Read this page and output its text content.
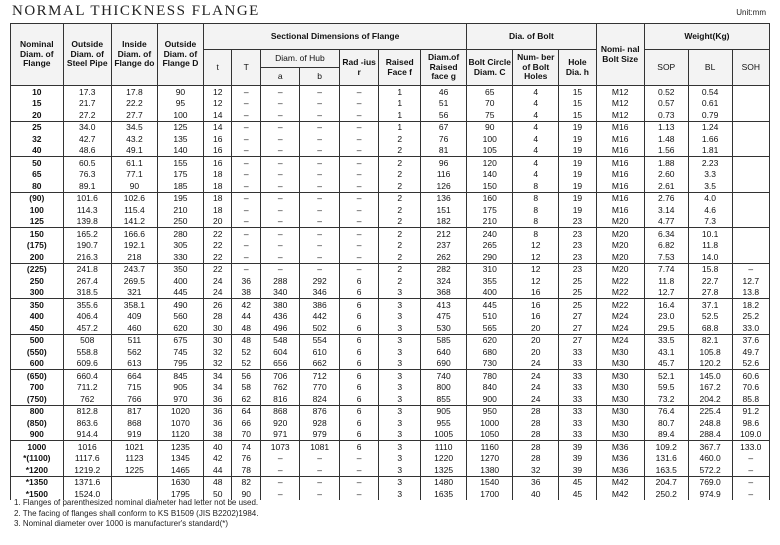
NORMAL THICKNESS FLANGE	Unit:mm
Nominal Diam. of Flange	Outside Diam. of Steel Pipe	Inside Diam. of Flange do	Outside Diam. of Flange D	Sectional Dimensions of Flange							Dia. of Bolt			Nomi- nal Bolt Size	Weight(Kg)		
				t	T	Diam. of Hub		Rad -ius r	Raised Face f	Diam.of Raised face g	Bolt Circle Diam. C	Num- ber of Bolt Holes	Hole Dia. h		SOP	BL	SOH
						a	b										
10	17.3	17.8	90	12	–	–	–	–	1	46	65	4	15	M12	0.52	0.54	
15	21.7	22.2	95	12	–	–	–	–	1	51	70	4	15	M12	0.57	0.61	
20	27.2	27.7	100	14	–	–	–	–	1	56	75	4	15	M12	0.73	0.79	
25	34.0	34.5	125	14	–	–	–	–	1	67	90	4	19	M16	1.13	1.24	
32	42.7	43.2	135	16	–	–	–	–	2	76	100	4	19	M16	1.48	1.66	
40	48.6	49.1	140	16	–	–	–	–	2	81	105	4	19	M16	1.56	1.81	
50	60.5	61.1	155	16	–	–	–	–	2	96	120	4	19	M16	1.88	2.23	
65	76.3	77.1	175	18	–	–	–	–	2	116	140	4	19	M16	2.60	3.3	
80	89.1	90	185	18	–	–	–	–	2	126	150	8	19	M16	2.61	3.5	
(90)	101.6	102.6	195	18	–	–	–	–	2	136	160	8	19	M16	2.76	4.0	
100	114.3	115.4	210	18	–	–	–	–	2	151	175	8	19	M16	3.14	4.6	
125	139.8	141.2	250	20	–	–	–	–	2	182	210	8	23	M20	4.77	7.3	
150	165.2	166.6	280	22	–	–	–	–	2	212	240	8	23	M20	6.34	10.1	
(175)	190.7	192.1	305	22	–	–	–	–	2	237	265	12	23	M20	6.82	11.8	
200	216.3	218	330	22	–	–	–	–	2	262	290	12	23	M20	7.53	14.0	
(225)	241.8	243.7	350	22	–	–	–	–	2	282	310	12	23	M20	7.74	15.8	–
250	267.4	269.5	400	24	36	288	292	6	2	324	355	12	25	M22	11.8	22.7	12.7
300	318.5	321	445	24	38	340	346	6	3	368	400	16	25	M22	12.7	27.8	13.8
350	355.6	358.1	490	26	42	380	386	6	3	413	445	16	25	M22	16.4	37.1	18.2
400	406.4	409	560	28	44	436	442	6	3	475	510	16	27	M24	23.0	52.5	25.2
450	457.2	460	620	30	48	496	502	6	3	530	565	20	27	M24	29.5	68.8	33.0
500	508	511	675	30	48	548	554	6	3	585	620	20	27	M24	33.5	82.1	37.6
(550)	558.8	562	745	32	52	604	610	6	3	640	680	20	33	M30	43.1	105.8	49.7
600	609.6	613	795	32	52	656	662	6	3	690	730	24	33	M30	45.7	120.2	52.6
(650)	660.4	664	845	34	56	706	712	6	3	740	780	24	33	M30	52.1	145.0	60.6
700	711.2	715	905	34	58	762	770	6	3	800	840	24	33	M30	59.5	167.2	70.6
(750)	762	766	970	36	62	816	824	6	3	855	900	24	33	M30	73.2	204.2	85.8
800	812.8	817	1020	36	64	868	876	6	3	905	950	28	33	M30	76.4	225.4	91.2
(850)	863.6	868	1070	36	66	920	928	6	3	955	1000	28	33	M30	80.7	248.8	98.6
900	914.4	919	1120	38	70	971	979	6	3	1005	1050	28	33	M30	89.4	288.4	109.0
1000	1016	1021	1235	40	74	1073	1081	6	3	1110	1160	28	39	M36	109.2	367.7	133.0
*(1100)	1117.6	1123	1345	42	76	–	–	–	3	1220	1270	28	39	M36	131.6	460.0	–
*1200	1219.2	1225	1465	44	78	–	–	–	3	1325	1380	32	39	M36	163.5	572.2	–
*1350	1371.6		1630	48	82	–	–	–	3	1480	1540	36	45	M42	204.7	769.0	–
*1500	1524.0		1795	50	90	–	–	–	3	1635	1700	40	45	M42	250.2	974.9	–
1. Flanges of parenthesized nominal diameter had letter not be used.
2. The facing of flanges shall conform to KS B1509 (JIS B2202)1984.
3. Nominal diameter over 1000 is manufacturer's standard(*)
